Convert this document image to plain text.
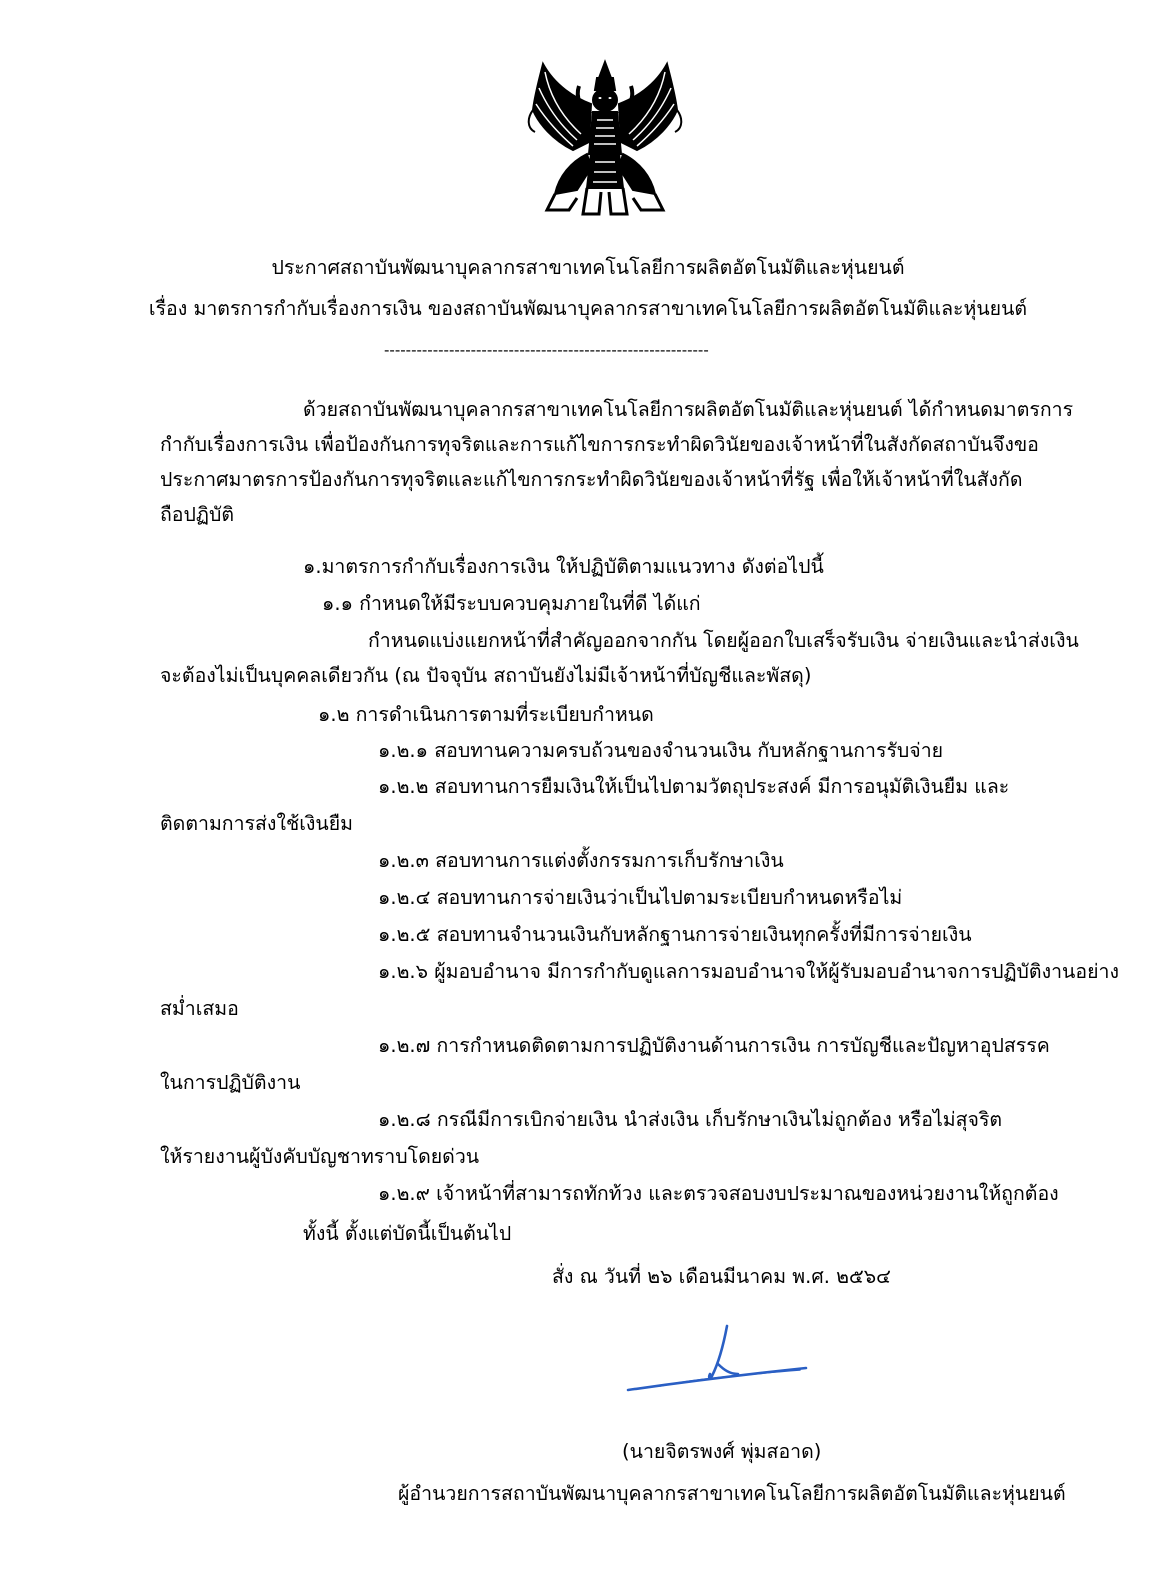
ประกาศสถาบันพัฒนาบุคลากรสาขาเทคโนโลยีการผลิตอัตโนมัติและหุ่นยนต์
เรื่อง มาตรการกำกับเรื่องการเงิน ของสถาบันพัฒนาบุคลากรสาขาเทคโนโลยีการผลิตอัตโนมัติและหุ่นยนต์
------------------------------------------------------------
ด้วยสถาบันพัฒนาบุคลากรสาขาเทคโนโลยีการผลิตอัตโนมัติและหุ่นยนต์ ได้กำหนดมาตรการ
กำกับเรื่องการเงิน เพื่อป้องกันการทุจริตและการแก้ไขการกระทำผิดวินัยของเจ้าหน้าที่ในสังกัดสถาบันจึงขอ
ประกาศมาตรการป้องกันการทุจริตและแก้ไขการกระทำผิดวินัยของเจ้าหน้าที่รัฐ เพื่อให้เจ้าหน้าที่ในสังกัด
ถือปฏิบัติ
๑.มาตรการกำกับเรื่องการเงิน ให้ปฏิบัติตามแนวทาง ดังต่อไปนี้
๑.๑ กำหนดให้มีระบบควบคุมภายในที่ดี ได้แก่
กำหนดแบ่งแยกหน้าที่สำคัญออกจากกัน โดยผู้ออกใบเสร็จรับเงิน จ่ายเงินและนำส่งเงิน
จะต้องไม่เป็นบุคคลเดียวกัน (ณ ปัจจุบัน สถาบันยังไม่มีเจ้าหน้าที่บัญชีและพัสดุ)
๑.๒ การดำเนินการตามที่ระเบียบกำหนด
๑.๒.๑ สอบทานความครบถ้วนของจำนวนเงิน กับหลักฐานการรับจ่าย
๑.๒.๒ สอบทานการยืมเงินให้เป็นไปตามวัตถุประสงค์ มีการอนุมัติเงินยืม และ
ติดตามการส่งใช้เงินยืม
๑.๒.๓ สอบทานการแต่งตั้งกรรมการเก็บรักษาเงิน
๑.๒.๔ สอบทานการจ่ายเงินว่าเป็นไปตามระเบียบกำหนดหรือไม่
๑.๒.๕ สอบทานจำนวนเงินกับหลักฐานการจ่ายเงินทุกครั้งที่มีการจ่ายเงิน
๑.๒.๖ ผู้มอบอำนาจ มีการกำกับดูแลการมอบอำนาจให้ผู้รับมอบอำนาจการปฏิบัติงานอย่าง
สม่ำเสมอ
๑.๒.๗ การกำหนดติดตามการปฏิบัติงานด้านการเงิน การบัญชีและปัญหาอุปสรรค
ในการปฏิบัติงาน
๑.๒.๘ กรณีมีการเบิกจ่ายเงิน นำส่งเงิน เก็บรักษาเงินไม่ถูกต้อง หรือไม่สุจริต
ให้รายงานผู้บังคับบัญชาทราบโดยด่วน
๑.๒.๙ เจ้าหน้าที่สามารถทักท้วง และตรวจสอบงบประมาณของหน่วยงานให้ถูกต้อง
ทั้งนี้ ตั้งแต่บัดนี้เป็นต้นไป
สั่ง ณ วันที่ ๒๖ เดือนมีนาคม พ.ศ. ๒๕๖๔
(นายจิตรพงศ์ พุ่มสอาด)
ผู้อำนวยการสถาบันพัฒนาบุคลากรสาขาเทคโนโลยีการผลิตอัตโนมัติและหุ่นยนต์
